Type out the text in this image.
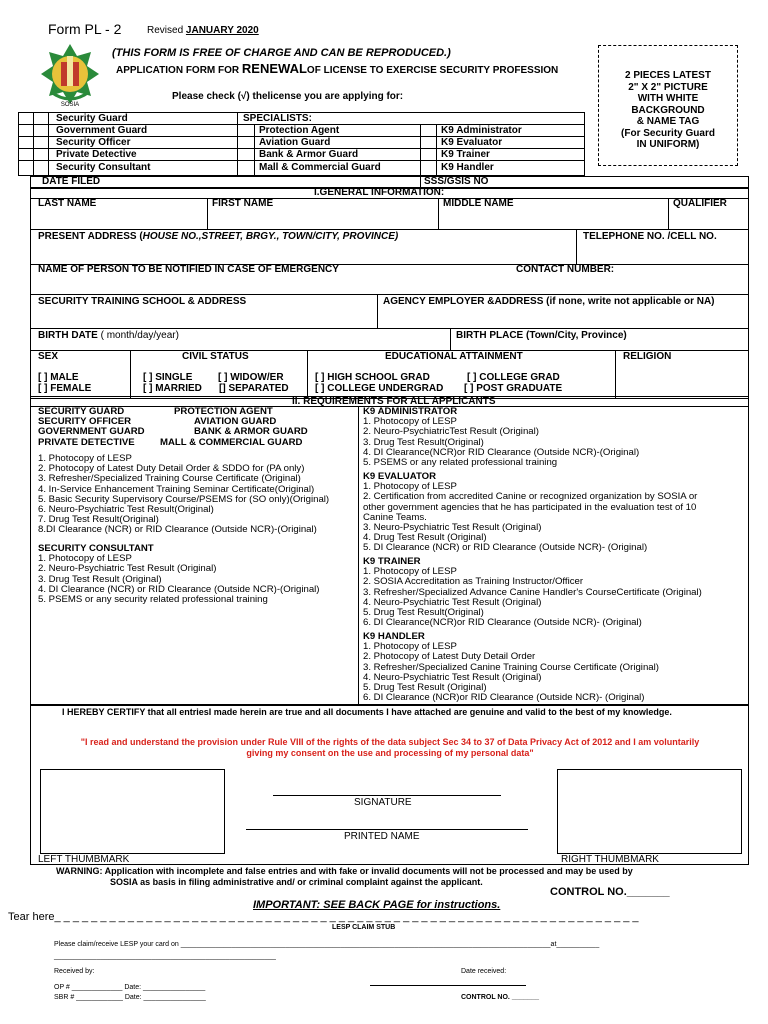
Form PL - 2	Revised JANUARY 2020
(THIS FORM IS FREE OF CHARGE AND CAN BE REPRODUCED.)
APPLICATION FORM FOR RENEWALOF LICENSE TO EXERCISE SECURITY PROFESSION
Please check (√) thelicense you are applying for:
SOSIA
2 PIECES LATEST
2" X 2" PICTURE
WITH WHITE
BACKGROUND
& NAME TAG
(For Security Guard
IN UNIFORM)
Security Guard
Government Guard
Security Officer
Private Detective
Security Consultant
SPECIALISTS:
Protection Agent
Aviation Guard
Bank & Armor Guard
Mall & Commercial Guard
K9 Administrator
K9 Evaluator
K9 Trainer
K9 Handler
DATE FILED	SSS/GSIS NO
I.GENERAL INFORMATION:
LAST NAME	FIRST NAME	MIDDLE NAME	QUALIFIER
PRESENT ADDRESS (HOUSE NO.,STREET, BRGY., TOWN/CITY, PROVINCE)	TELEPHONE NO. /CELL NO.
NAME OF PERSON TO BE NOTIFIED IN CASE OF EMERGENCY	CONTACT NUMBER:
SECURITY TRAINING SCHOOL & ADDRESS	AGENCY EMPLOYER &ADDRESS (if none, write not applicable or NA)
BIRTH DATE ( month/day/year)	BIRTH PLACE (Town/City, Province)
SEX	CIVIL STATUS	EDUCATIONAL ATTAINMENT	RELIGION
[ ] MALE
[ ] FEMALE
[ ] SINGLE	[ ] WIDOW/ER
[ ] MARRIED [] SEPARATED
[ ] HIGH SCHOOL GRAD	[ ] COLLEGE GRAD
[ ] COLLEGE UNDERGRAD [ ] POST GRADUATE
II. REQUIREMENTS FOR ALL APPLICANTS
SECURITY GUARD	PROTECTION AGENT
SECURITY OFFICER	AVIATION GUARD
GOVERNMENT GUARD	BANK & ARMOR GUARD
PRIVATE DETECTIVE	MALL & COMMERCIAL GUARD
1. Photocopy of LESP
2. Photocopy of Latest Duty Detail Order & SDDO for (PA only)
3. Refresher/Specialized Training Course Certificate (Original)
4. In-Service Enhancement Training Seminar Certificate(Original)
5. Basic Security Supervisory Course/PSEMS for (SO only)(Original)
6. Neuro-Psychiatric Test Result(Original)
7. Drug Test Result(Original)
8.DI Clearance (NCR) or RID Clearance (Outside NCR)-(Original)
SECURITY CONSULTANT
1. Photocopy of LESP
2. Neuro-Psychiatric Test Result (Original)
3. Drug Test Result (Original)
4. DI Clearance (NCR) or RID Clearance (Outside NCR)-(Original)
5. PSEMS or any security related professional training
K9 ADMINISTRATOR
1. Photocopy of LESP
2. Neuro-PsychiatricTest Result (Original)
3. Drug Test Result(Original)
4. DI Clearance(NCR)or RID Clearance (Outside NCR)-(Original)
5. PSEMS or any related professional training
K9 EVALUATOR
1. Photocopy of LESP
2. Certification from accredited Canine or recognized organization by SOSIA or
other government agencies that he has participated in the evaluation test of 10
Canine Teams.
3. Neuro-Psychiatric Test Result (Original)
4. Drug Test Result (Original)
5. DI Clearance (NCR) or RID Clearance (Outside NCR)- (Original)
K9 TRAINER
1. Photocopy of LESP
2. SOSIA Accreditation as Training Instructor/Officer
3. Refresher/Specialized Advance Canine Handler's CourseCertificate (Original)
4. Neuro-Psychiatric Test Result (Original)
5. Drug Test Result(Original)
6. DI Clearance(NCR)or RID Clearance (Outside NCR)- (Original)
K9 HANDLER
1. Photocopy of LESP
2. Photocopy of Latest Duty Detail Order
3. Refresher/Specialized Canine Training Course Certificate (Original)
4. Neuro-Psychiatric Test Result (Original)
5. Drug Test Result (Original)
6. DI Clearance (NCR)or RID Clearance (Outside NCR)- (Original)
I HEREBY CERTIFY that all entriesI made herein are true and all documents I have attached are genuine and valid to the best of my knowledge.
"I read and understand the provision under Rule VIII of the rights of the data subject Sec 34 to 37 of Data Privacy Act of 2012 and I am voluntarily
giving my consent on the use and processing of my personal data"
SIGNATURE
PRINTED NAME
LEFT THUMBMARK	RIGHT THUMBMARK
WARNING: Application with incomplete and false entries and with fake or invalid documents will not be processed and may be used by
SOSIA as basis in filing administrative and/ or criminal complaint against the applicant.
CONTROL NO._______
IMPORTANT: SEE BACK PAGE for instructions.
Tear here_ _ _ _ _ _ _ _ _ _ _ _ _ _ _ _ _ _ _ _ _ _ _ _ _ _ _ _ _ _ _ _ _ _ _ _ _ _ _ _ _ _ _ _ _ _ _ _ _ _ _ _ _ _ _ _ _ _ _ _ _ _ _ _
LESP CLAIM STUB
Please claim/receive LESP your card on _______________________________________________________________________________________________at___________
_________________________________________________________
Received by:	Date received:
OP # _____________ Date: ________________
SBR # ____________ Date: ________________	CONTROL NO. _______
